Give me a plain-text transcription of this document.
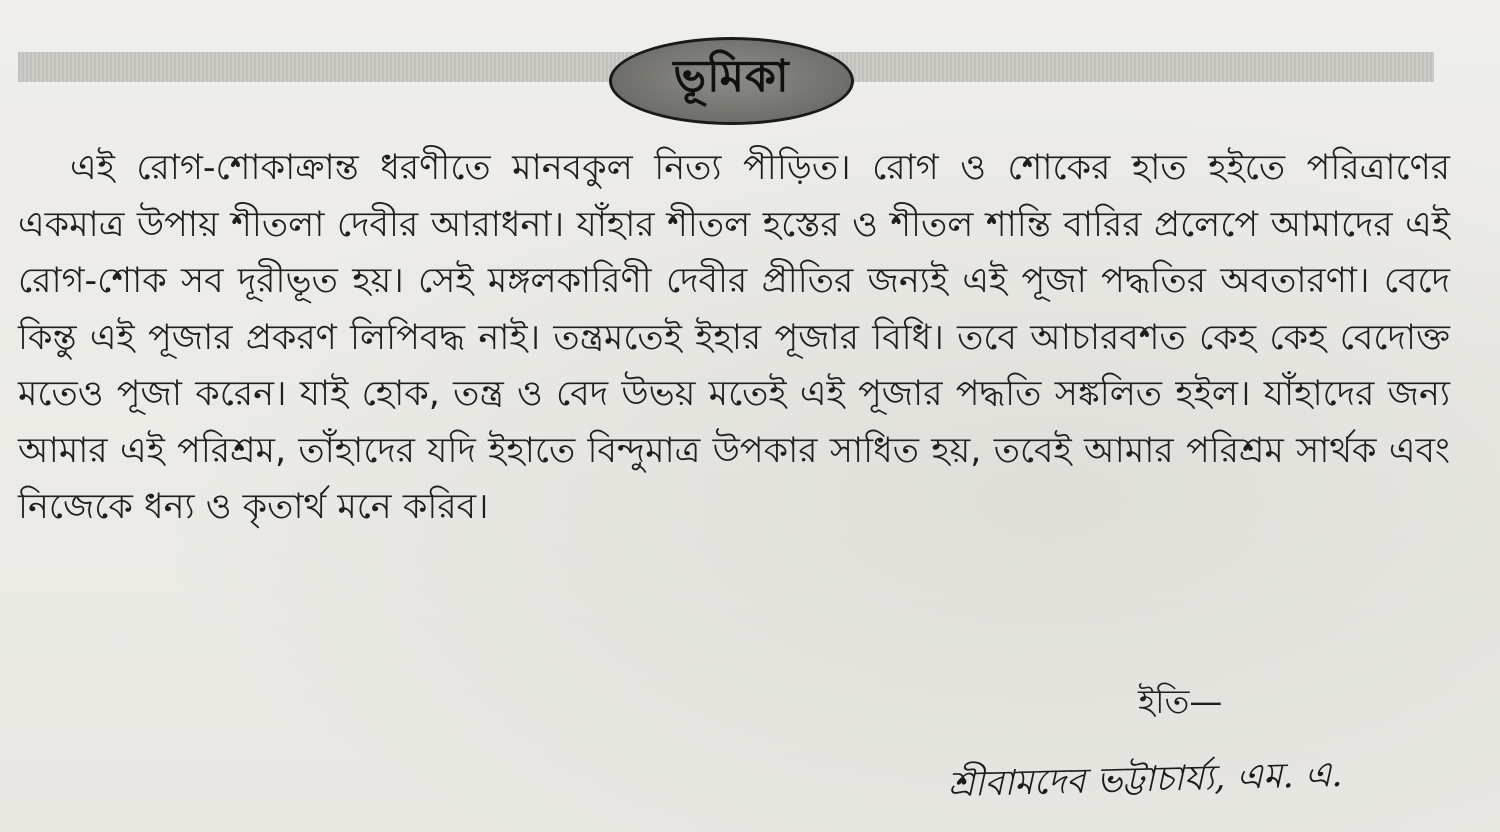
ভূমিকা

এই রোগ-শোকাক্রান্ত ধরণীতে মানবকুল নিত্য পীড়িত। রোগ ও শোকের হাত হইতে পরিত্রাণের একমাত্র উপায় শীতলা দেবীর আরাধনা। যাঁহার শীতল হস্তের ও শীতল শান্তি বারির প্রলেপে আমাদের এই রোগ-শোক সব দূরীভূত হয়। সেই মঙ্গলকারিণী দেবীর প্রীতির জন্যই এই পূজা পদ্ধতির অবতারণা। বেদে কিন্তু এই পূজার প্রকরণ লিপিবদ্ধ নাই। তন্ত্রমতেই ইহার পূজার বিধি। তবে আচারবশত কেহ কেহ বেদোক্ত মতেও পূজা করেন। যাই হোক, তন্ত্র ও বেদ উভয় মতেই এই পূজার পদ্ধতি সঙ্কলিত হইল। যাঁহাদের জন্য আমার এই পরিশ্রম, তাঁহাদের যদি ইহাতে বিন্দুমাত্র উপকার সাধিত হয়, তবেই আমার পরিশ্রম সার্থক এবং নিজেকে ধন্য ও কৃতার্থ মনে করিব।

ইতি—
শ্রীবামদেব ভট্টাচার্য্য, এম. এ.
